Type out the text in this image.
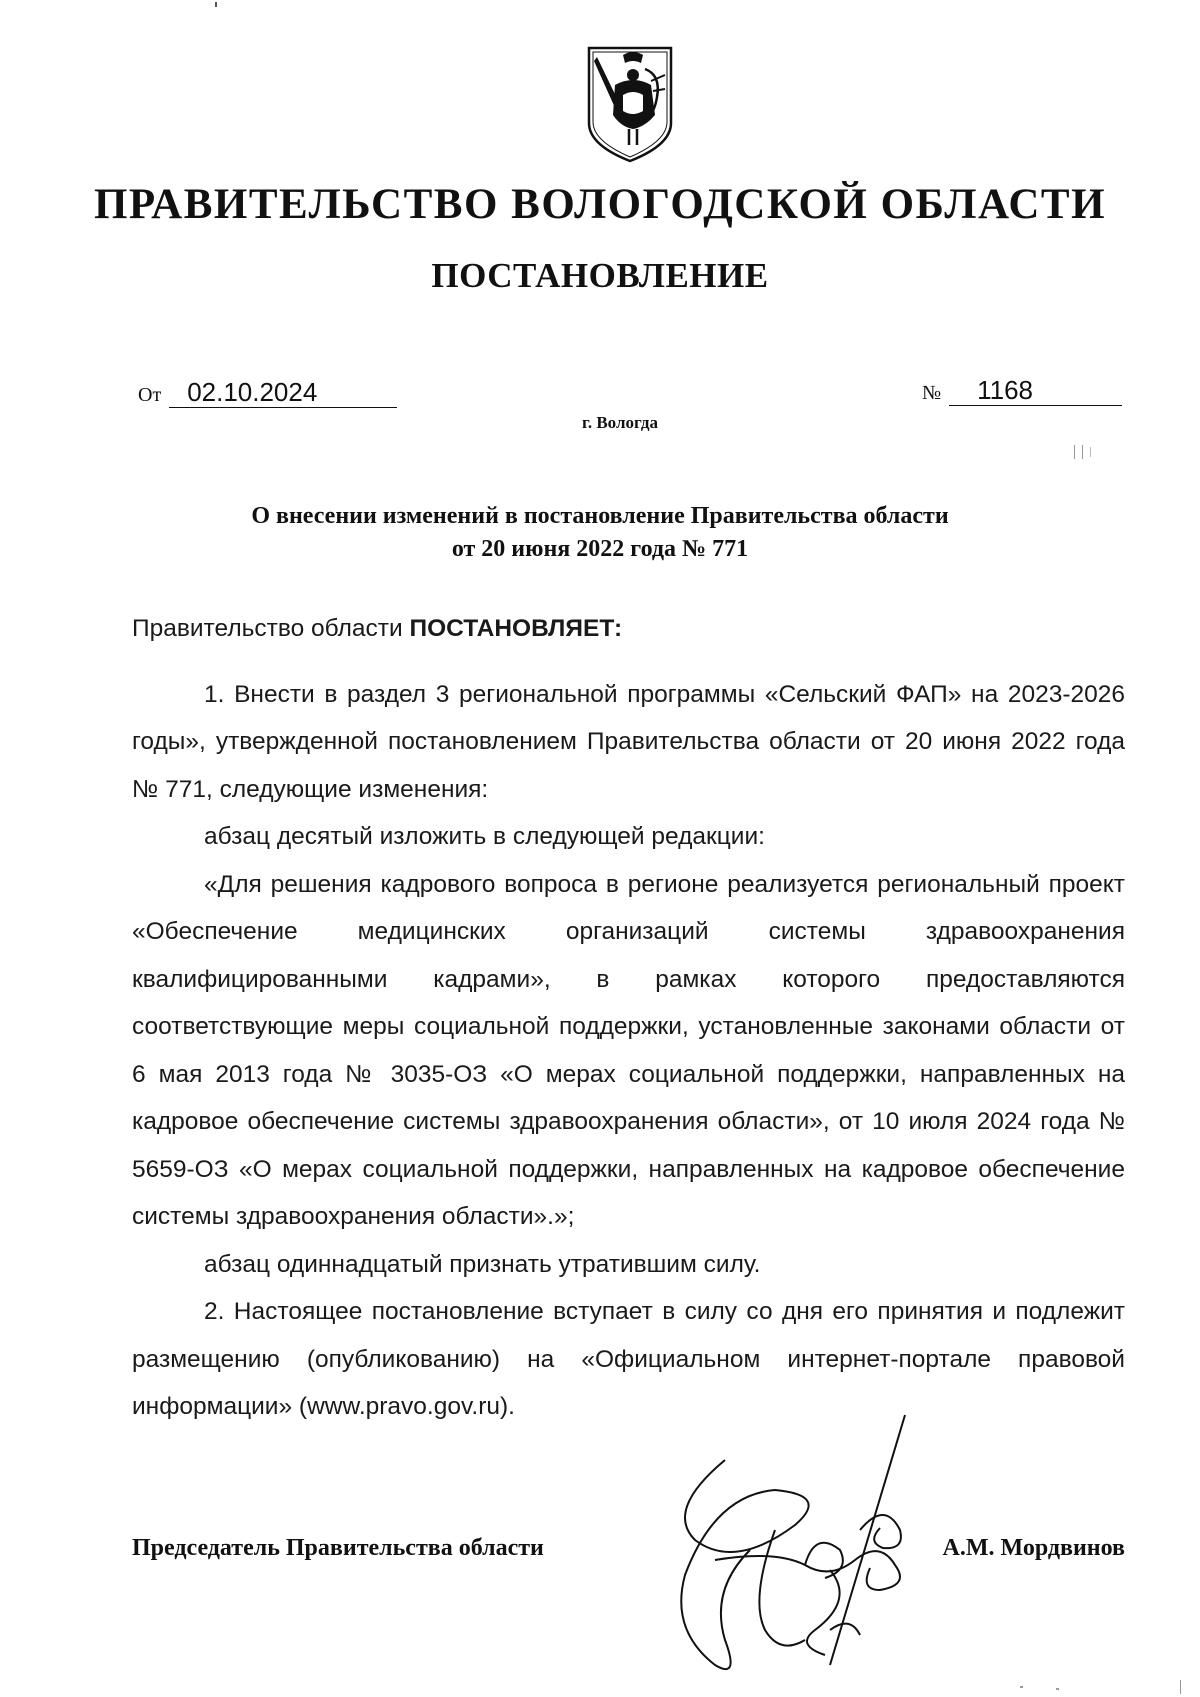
ПРАВИТЕЛЬСТВО ВОЛОГОДСКОЙ ОБЛАСТИ
ПОСТАНОВЛЕНИЕ
От 02.10.2024	№ 1168
г. Вологда
О внесении изменений в постановление Правительства области
от 20 июня 2022 года № 771

Правительство области ПОСТАНОВЛЯЕТ:

1. Внести в раздел 3 региональной программы «Сельский ФАП» на 2023-2026 годы», утвержденной постановлением Правительства области от 20 июня 2022 года № 771, следующие изменения:

абзац десятый изложить в следующей редакции:

«Для решения кадрового вопроса в регионе реализуется региональный проект «Обеспечение медицинских организаций системы здравоохранения квалифицированными кадрами», в рамках которого предоставляются соответствующие меры социальной поддержки, установленные законами области от 6 мая 2013 года № 3035-ОЗ «О мерах социальной поддержки, направленных на кадровое обеспечение системы здравоохранения области», от 10 июля 2024 года № 5659-ОЗ «О мерах социальной поддержки, направленных на кадровое обеспечение системы здравоохранения области».»;

абзац одиннадцатый признать утратившим силу.

2. Настоящее постановление вступает в силу со дня его принятия и подлежит размещению (опубликованию) на «Официальном интернет-портале правовой информации» (www.pravo.gov.ru).

Председатель Правительства области	А.М. Мордвинов
